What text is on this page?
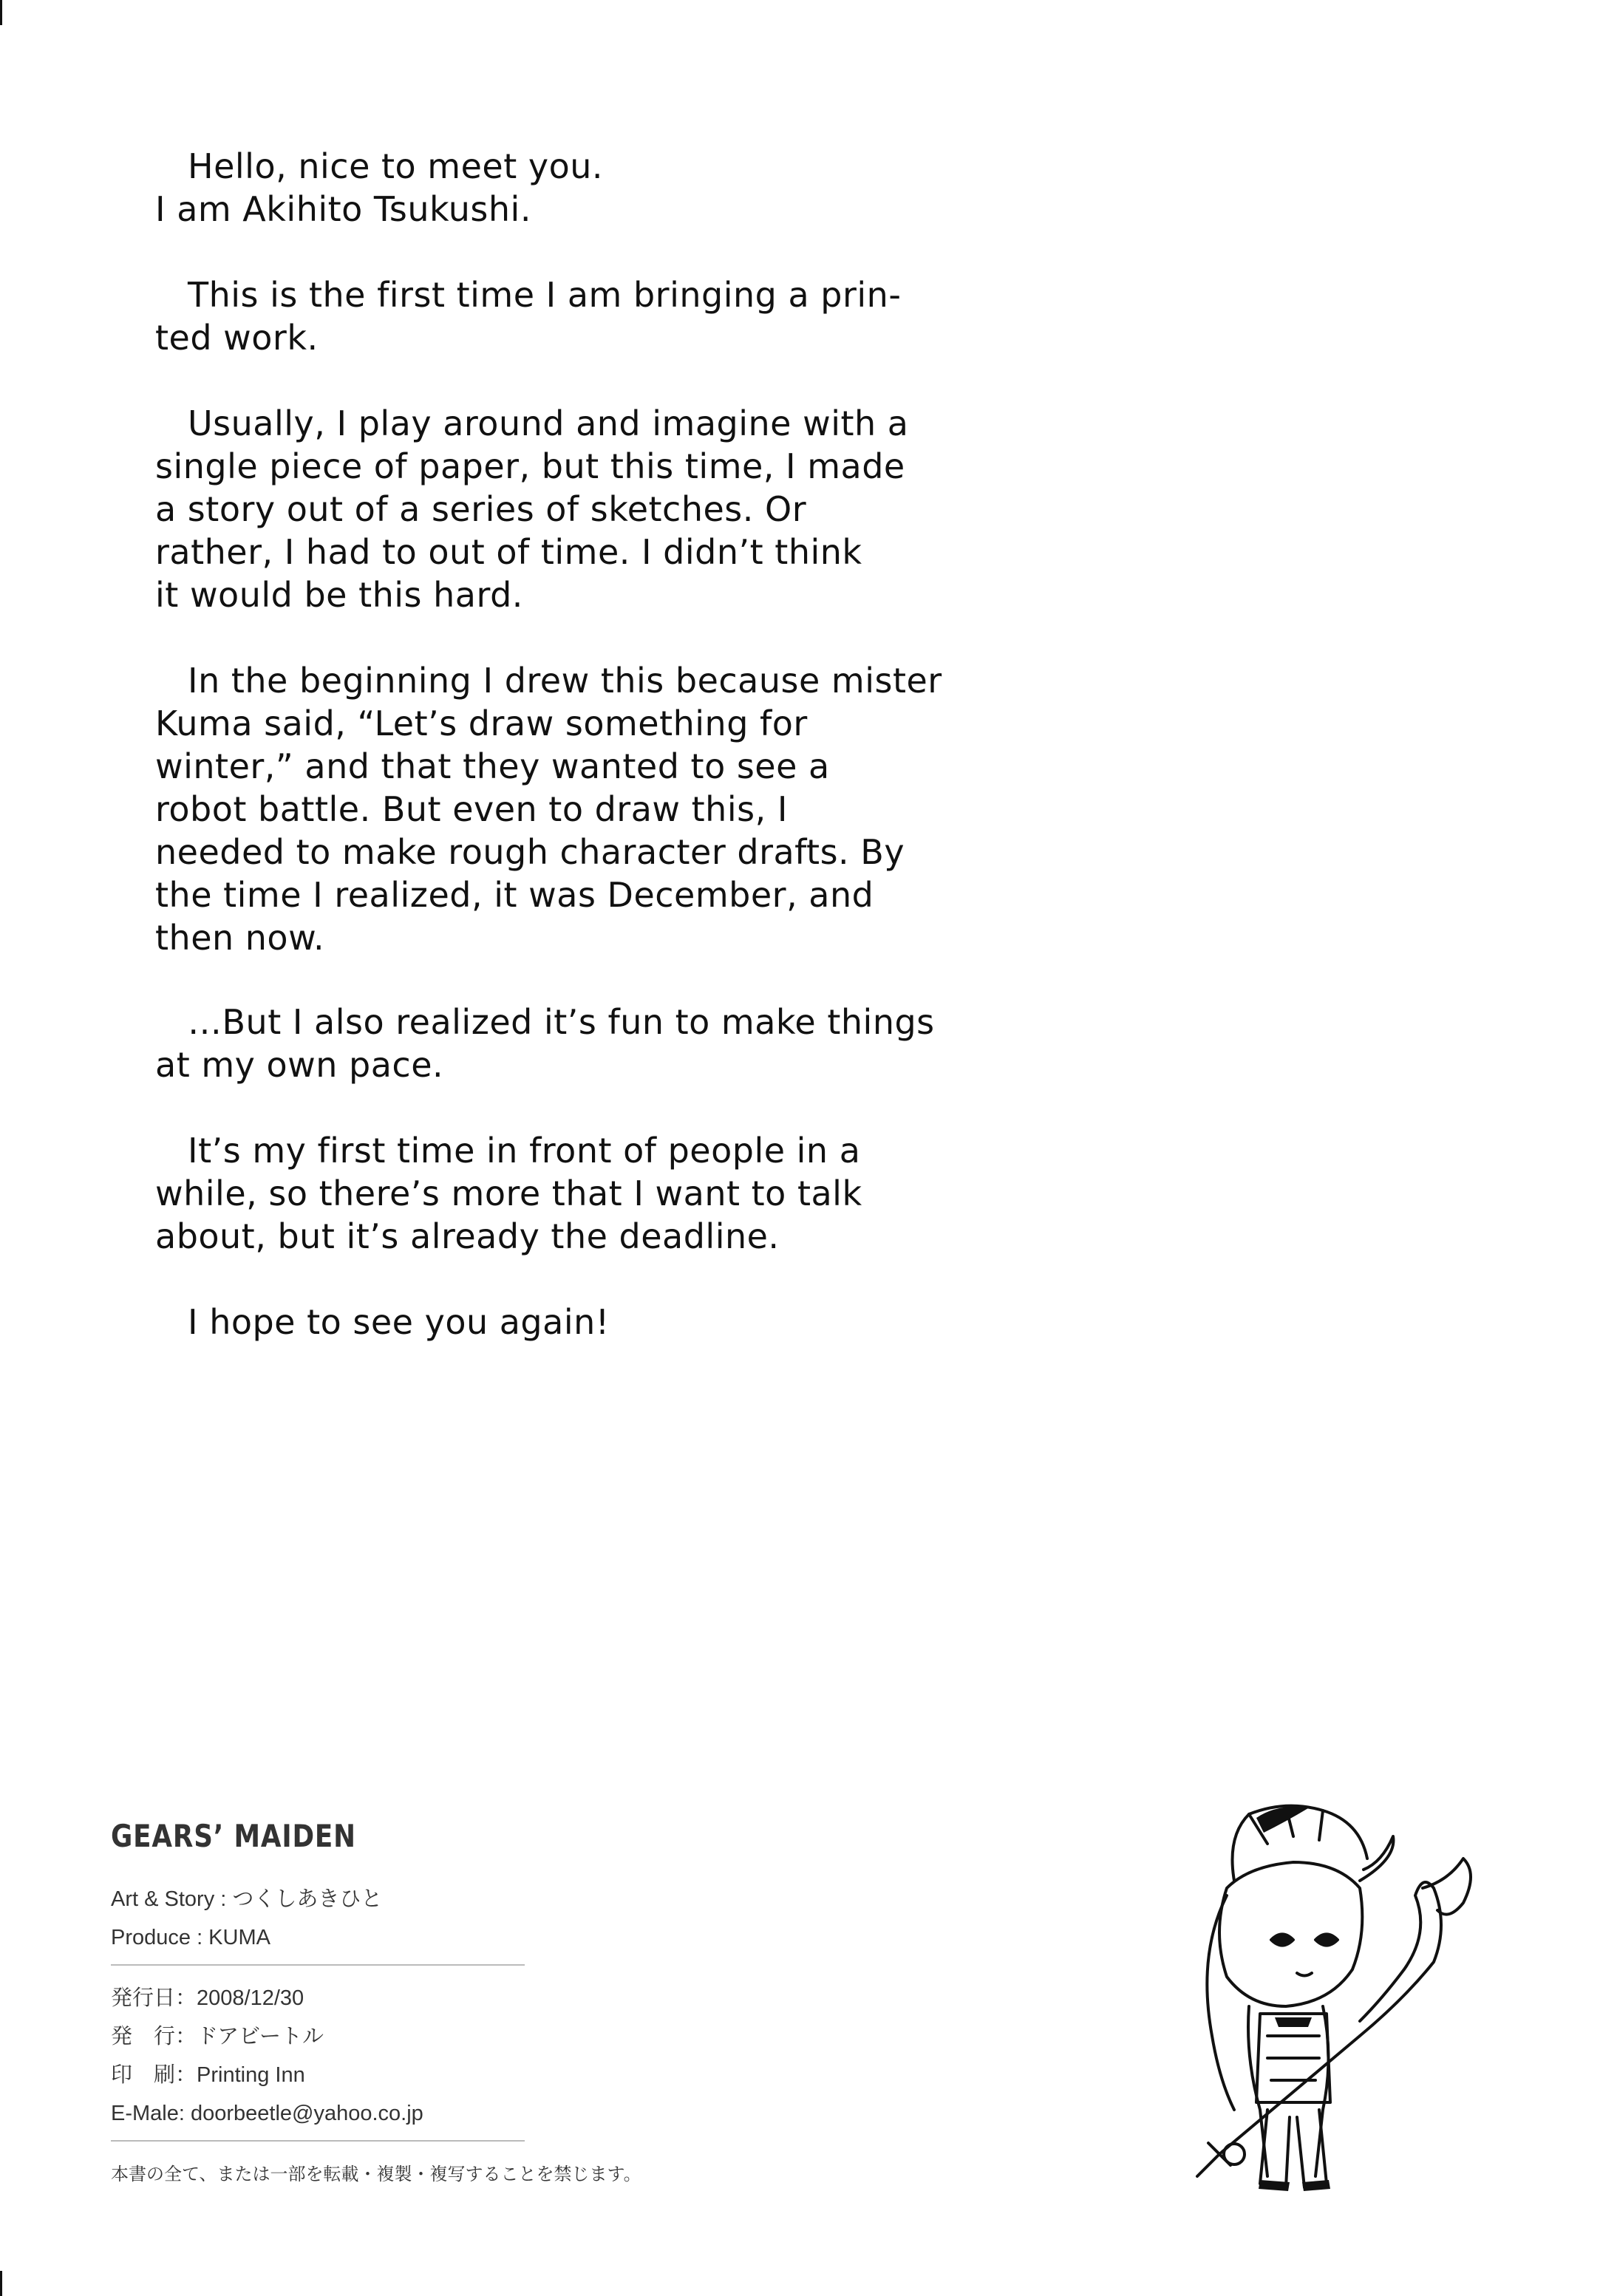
Hello, nice to meet you.
I am Akihito Tsukushi.

This is the first time I am bringing a prin-
ted work.

Usually, I play around and imagine with a
single piece of paper, but this time, I made
a story out of a series of sketches. Or
rather, I had to out of time. I didn’t think
it would be this hard.

In the beginning I drew this because mister
Kuma said, “Let’s draw something for
winter,” and that they wanted to see a
robot battle. But even to draw this, I
needed to make rough character drafts. By
the time I realized, it was December, and
then now.

…But I also realized it’s fun to make things
at my own pace.

It’s my first time in front of people in a
while, so there’s more that I want to talk
about, but it’s already the deadline.

I hope to see you again!

GEARS’ MAIDEN

Art & Story : つくしあきひと

Produce : KUMA

発行日：2008/12/30

発　行：ドアビートル

印　刷：Printing Inn

E-Male: doorbeetle@yahoo.co.jp

本書の全て、または一部を転載・複製・複写することを禁じます。
